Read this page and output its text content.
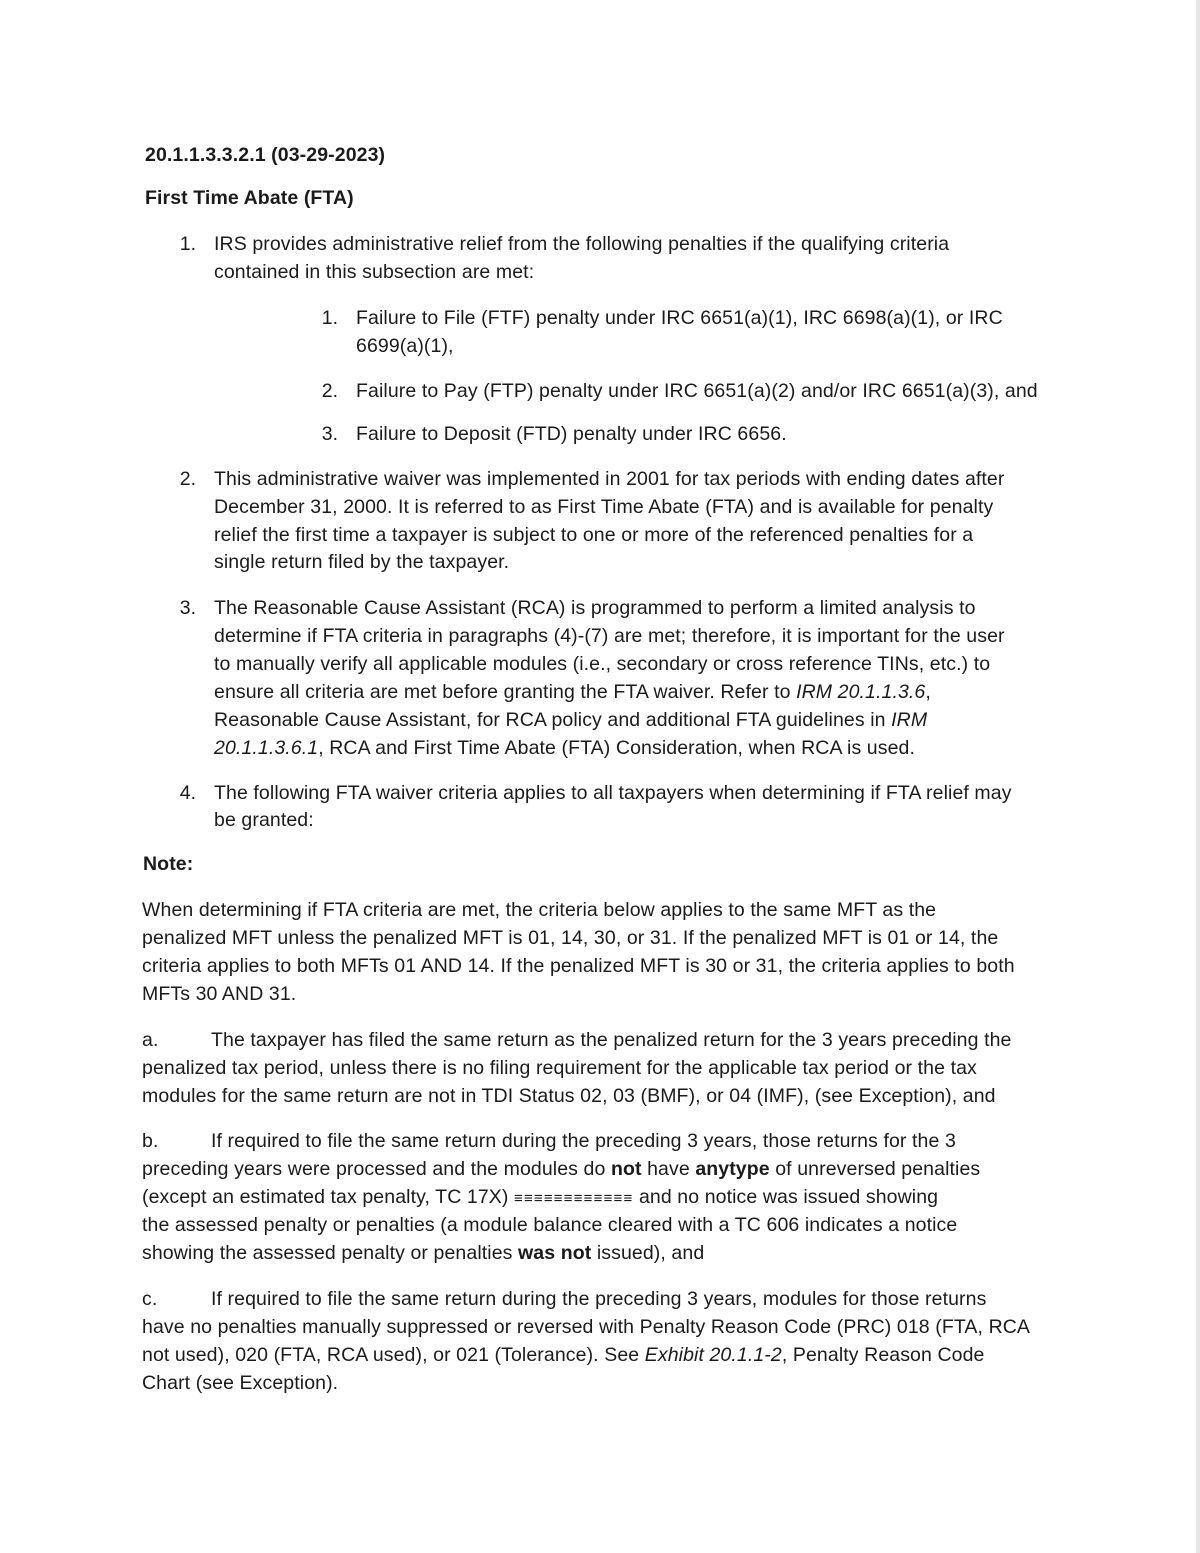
20.1.1.3.3.2.1 (03-29-2023)
First Time Abate (FTA)
1. IRS provides administrative relief from the following penalties if the qualifying criteria
contained in this subsection are met:
1. Failure to File (FTF) penalty under IRC 6651(a)(1), IRC 6698(a)(1), or IRC
6699(a)(1),
2. Failure to Pay (FTP) penalty under IRC 6651(a)(2) and/or IRC 6651(a)(3), and
3. Failure to Deposit (FTD) penalty under IRC 6656.
2. This administrative waiver was implemented in 2001 for tax periods with ending dates after
December 31, 2000. It is referred to as First Time Abate (FTA) and is available for penalty
relief the first time a taxpayer is subject to one or more of the referenced penalties for a
single return filed by the taxpayer.
3. The Reasonable Cause Assistant (RCA) is programmed to perform a limited analysis to
determine if FTA criteria in paragraphs (4)-(7) are met; therefore, it is important for the user
to manually verify all applicable modules (i.e., secondary or cross reference TINs, etc.) to
ensure all criteria are met before granting the FTA waiver. Refer to IRM 20.1.1.3.6,
Reasonable Cause Assistant, for RCA policy and additional FTA guidelines in IRM
20.1.1.3.6.1, RCA and First Time Abate (FTA) Consideration, when RCA is used.
4. The following FTA waiver criteria applies to all taxpayers when determining if FTA relief may
be granted:
Note:
When determining if FTA criteria are met, the criteria below applies to the same MFT as the
penalized MFT unless the penalized MFT is 01, 14, 30, or 31. If the penalized MFT is 01 or 14, the
criteria applies to both MFTs 01 AND 14. If the penalized MFT is 30 or 31, the criteria applies to both
MFTs 30 AND 31.
a.	The taxpayer has filed the same return as the penalized return for the 3 years preceding the
penalized tax period, unless there is no filing requirement for the applicable tax period or the tax
modules for the same return are not in TDI Status 02, 03 (BMF), or 04 (IMF), (see Exception), and
b.	If required to file the same return during the preceding 3 years, those returns for the 3
preceding years were processed and the modules do not have anytype of unreversed penalties
(except an estimated tax penalty, TC 17X) ≡≡≡≡≡≡≡≡≡≡≡≡ and no notice was issued showing
the assessed penalty or penalties (a module balance cleared with a TC 606 indicates a notice
showing the assessed penalty or penalties was not issued), and
c.	If required to file the same return during the preceding 3 years, modules for those returns
have no penalties manually suppressed or reversed with Penalty Reason Code (PRC) 018 (FTA, RCA
not used), 020 (FTA, RCA used), or 021 (Tolerance). See Exhibit 20.1.1-2, Penalty Reason Code
Chart (see Exception).
